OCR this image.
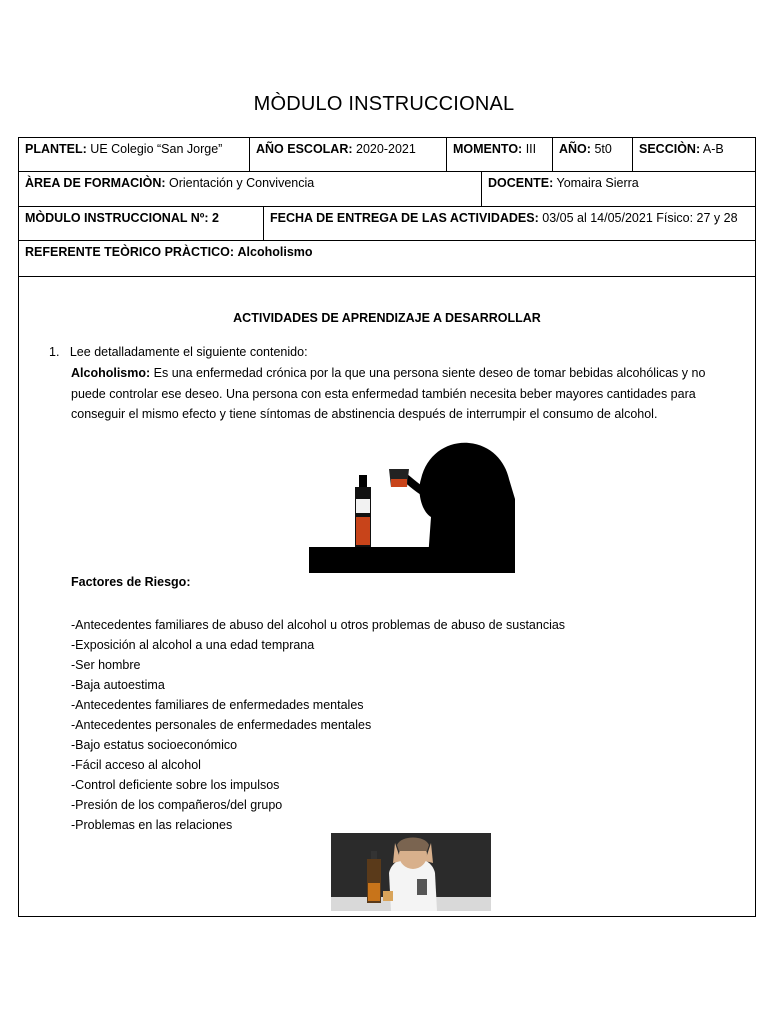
MÒDULO INSTRUCCIONAL
PLANTEL: UE Colegio “San Jorge”	AÑO ESCOLAR: 2020-2021	MOMENTO: III	AÑO: 5t0	SECCIÒN: A-B
ÀREA DE FORMACIÒN: Orientación y Convivencia	DOCENTE: Yomaira Sierra
MÒDULO INSTRUCCIONAL Nº: 2	FECHA DE ENTREGA DE LAS ACTIVIDADES: 03/05 al 14/05/2021 Físico: 27 y 28
REFERENTE TEÒRICO PRÀCTICO: Alcoholismo
ACTIVIDADES DE APRENDIZAJE A DESARROLLAR
1. Lee detalladamente el siguiente contenido:
Alcoholismo: Es una enfermedad crónica por la que una persona siente deseo de tomar bebidas alcohólicas y no puede controlar ese deseo. Una persona con esta enfermedad también necesita beber mayores cantidades para conseguir el mismo efecto y tiene síntomas de abstinencia después de interrumpir el consumo de alcohol.
Factores de Riesgo:
-Antecedentes familiares de abuso del alcohol u otros problemas de abuso de sustancias
-Exposición al alcohol a una edad temprana
-Ser hombre
-Baja autoestima
-Antecedentes familiares de enfermedades mentales
-Antecedentes personales de enfermedades mentales
-Bajo estatus socioeconómico
-Fácil acceso al alcohol
-Control deficiente sobre los impulsos
-Presión de los compañeros/del grupo
-Problemas en las relaciones
